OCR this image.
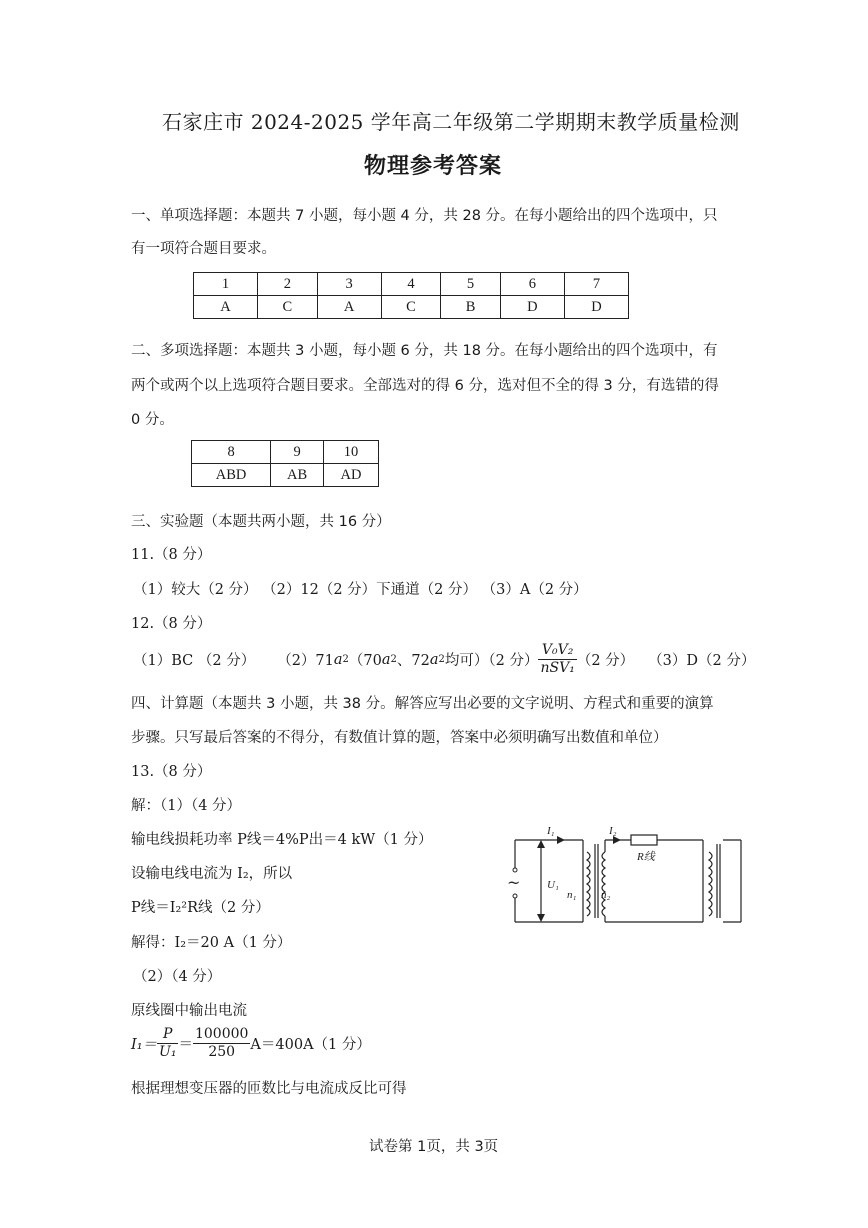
石家庄市 2024-2025 学年高二年级第二学期期末教学质量检测
物理参考答案
一、单项选择题：本题共 7 小题，每小题 4 分，共 28 分。在每小题给出的四个选项中，只
有一项符合题目要求。
1	2	3	4	5	6	7
A	C	A	C	B	D	D
二、多项选择题：本题共 3 小题，每小题 6 分，共 18 分。在每小题给出的四个选项中，有
两个或两个以上选项符合题目要求。全部选对的得 6 分，选对但不全的得 3 分，有选错的得
0 分。
8	9	10
ABD	AB	AD
三、实验题（本题共两小题，共 16 分）
11.（8 分）
（1）较大（2 分） （2）12（2 分）下通道（2 分） （3）A（2 分）
12.（8 分）
（1）BC （2 分） （2）71 a 2 （70 a 2 、72 a 2 均可）（2 分） $\frac{\text{V₀V₂}}{\text{nSV₁}} (2$ 分） （3）D（2 分）
四、计算题（本题共 3 小题，共 38 分。解答应写出必要的文字说明、方程式和重要的演算
步骤。只写最后答案的不得分，有数值计算的题，答案中必须明确写出数值和单位）
13.（8 分）
解：（1）（4 分）
输电线损耗功率 P线＝4%P出＝4 kW（1 分）
设输电线电流为 I₂，所以
P线＝I₂²R线（2 分）
解得：I₂＝20 A（1 分）
（2）（4 分）
原线圈中输出电流
$I_1= \frac{P}{\text{U₁}} = \frac{100000}{250} A=400A(1$ 分）
根据理想变压器的匝数比与电流成反比可得
~
I₁	I₂
R线
U₁
n₁ n₂
试卷第 1页，共 3页
